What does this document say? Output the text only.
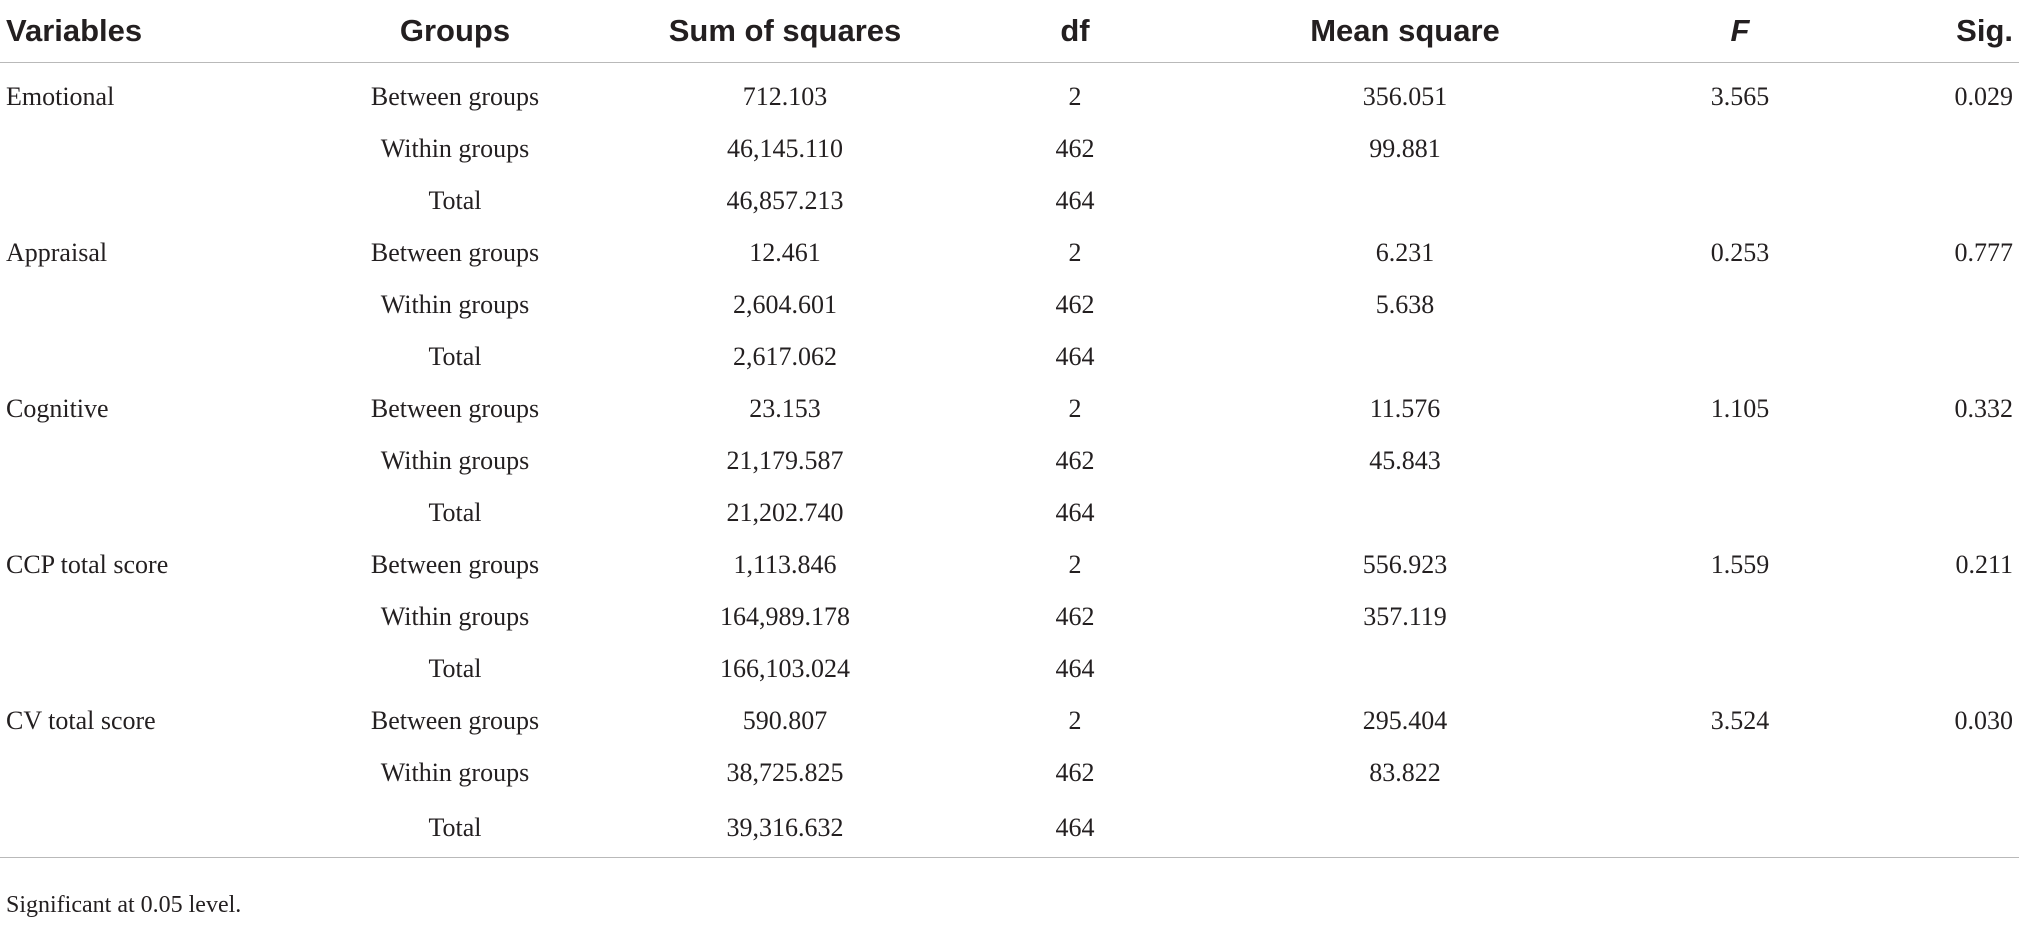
Variables	Groups	Sum of squares	df	Mean square	F	Sig.
Emotional	Between groups	712.103	2	356.051	3.565	0.029
	Within groups	46,145.110	462	99.881		
	Total	46,857.213	464			
Appraisal	Between groups	12.461	2	6.231	0.253	0.777
	Within groups	2,604.601	462	5.638		
	Total	2,617.062	464			
Cognitive	Between groups	23.153	2	11.576	1.105	0.332
	Within groups	21,179.587	462	45.843		
	Total	21,202.740	464			
CCP total score	Between groups	1,113.846	2	556.923	1.559	0.211
	Within groups	164,989.178	462	357.119		
	Total	166,103.024	464			
CV total score	Between groups	590.807	2	295.404	3.524	0.030
	Within groups	38,725.825	462	83.822		
	Total	39,316.632	464			
Significant at 0.05 level.
